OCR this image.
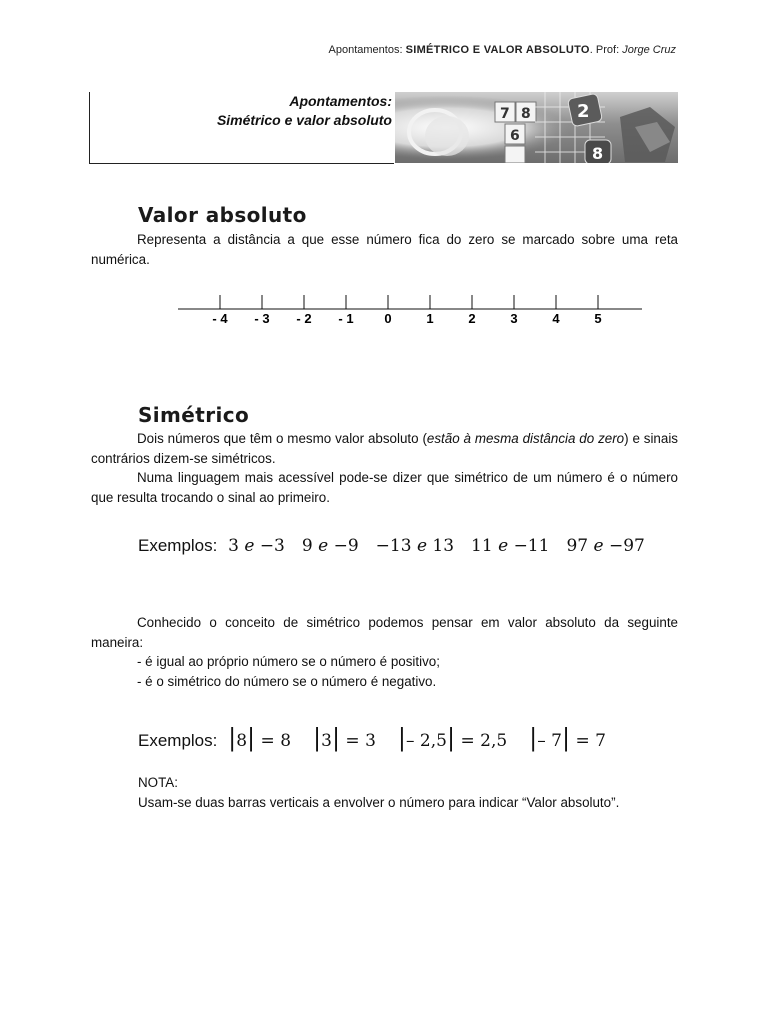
Apontamentos: SIMÉTRICO E VALOR ABSOLUTO. Prof: Jorge Cruz
Apontamentos:
Simétrico e valor absoluto	7 8
6
2
8
Valor absoluto

Representa a distância a que esse número fica do zero se marcado sobre uma reta numérica.

- 4 - 3 - 2 - 1 0	1	2	3	4	5
Simétrico

Dois números que têm o mesmo valor absoluto (estão à mesma distância do zero) e sinais contrários dizem-se simétricos.

Numa linguagem mais acessível pode-se dizer que simétrico de um número é o número que resulta trocando o sinal ao primeiro.

Exemplos: 3 e −3 9 e −9 −13 e 13 11 e −11 97 e −97

Conhecido o conceito de simétrico podemos pensar em valor absoluto da seguinte maneira:

- é igual ao próprio número se o número é positivo;

- é o simétrico do número se o número é negativo.

Exemplos: |8| = 8 |3| = 3 |– 2,5| = 2,5 |– 7| = 7

NOTA:

Usam-se duas barras verticais a envolver o número para indicar “Valor absoluto”.
